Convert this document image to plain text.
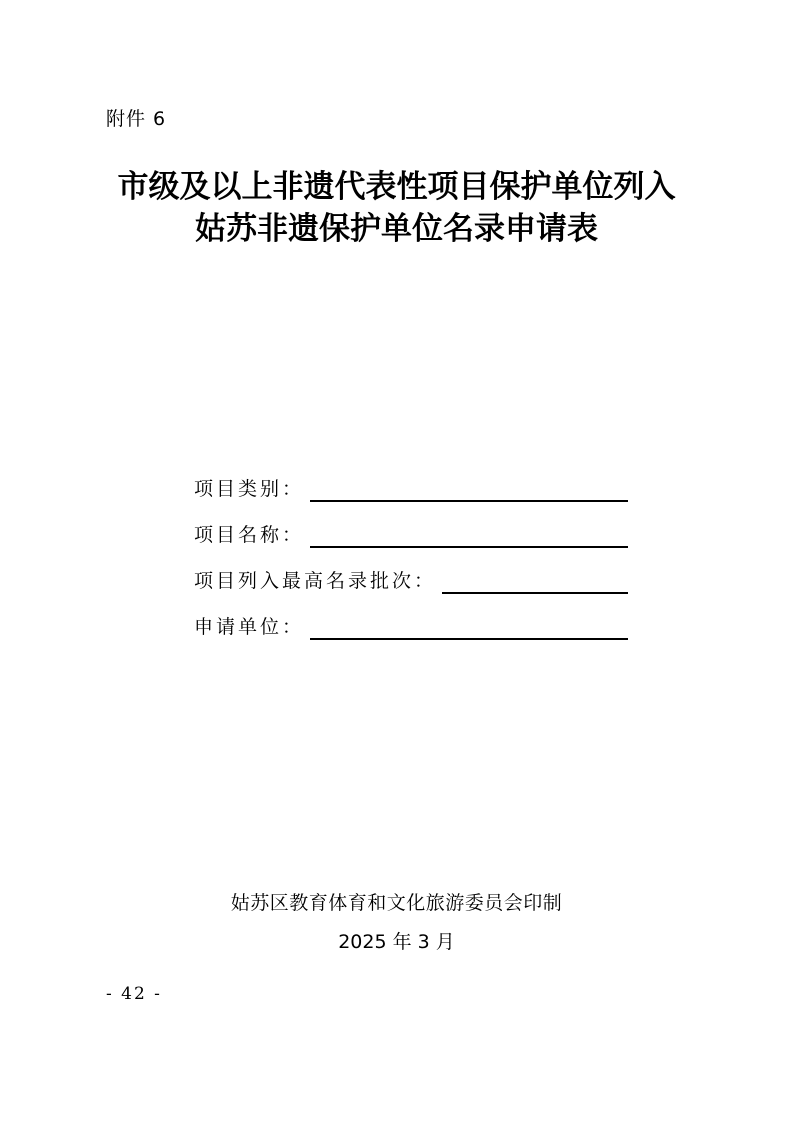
附件 6
市级及以上非遗代表性项目保护单位列入
姑苏非遗保护单位名录申请表
项目类别：
项目名称：
项目列入最高名录批次：
申请单位：
姑苏区教育体育和文化旅游委员会印制
2025 年 3 月
- 42 -
